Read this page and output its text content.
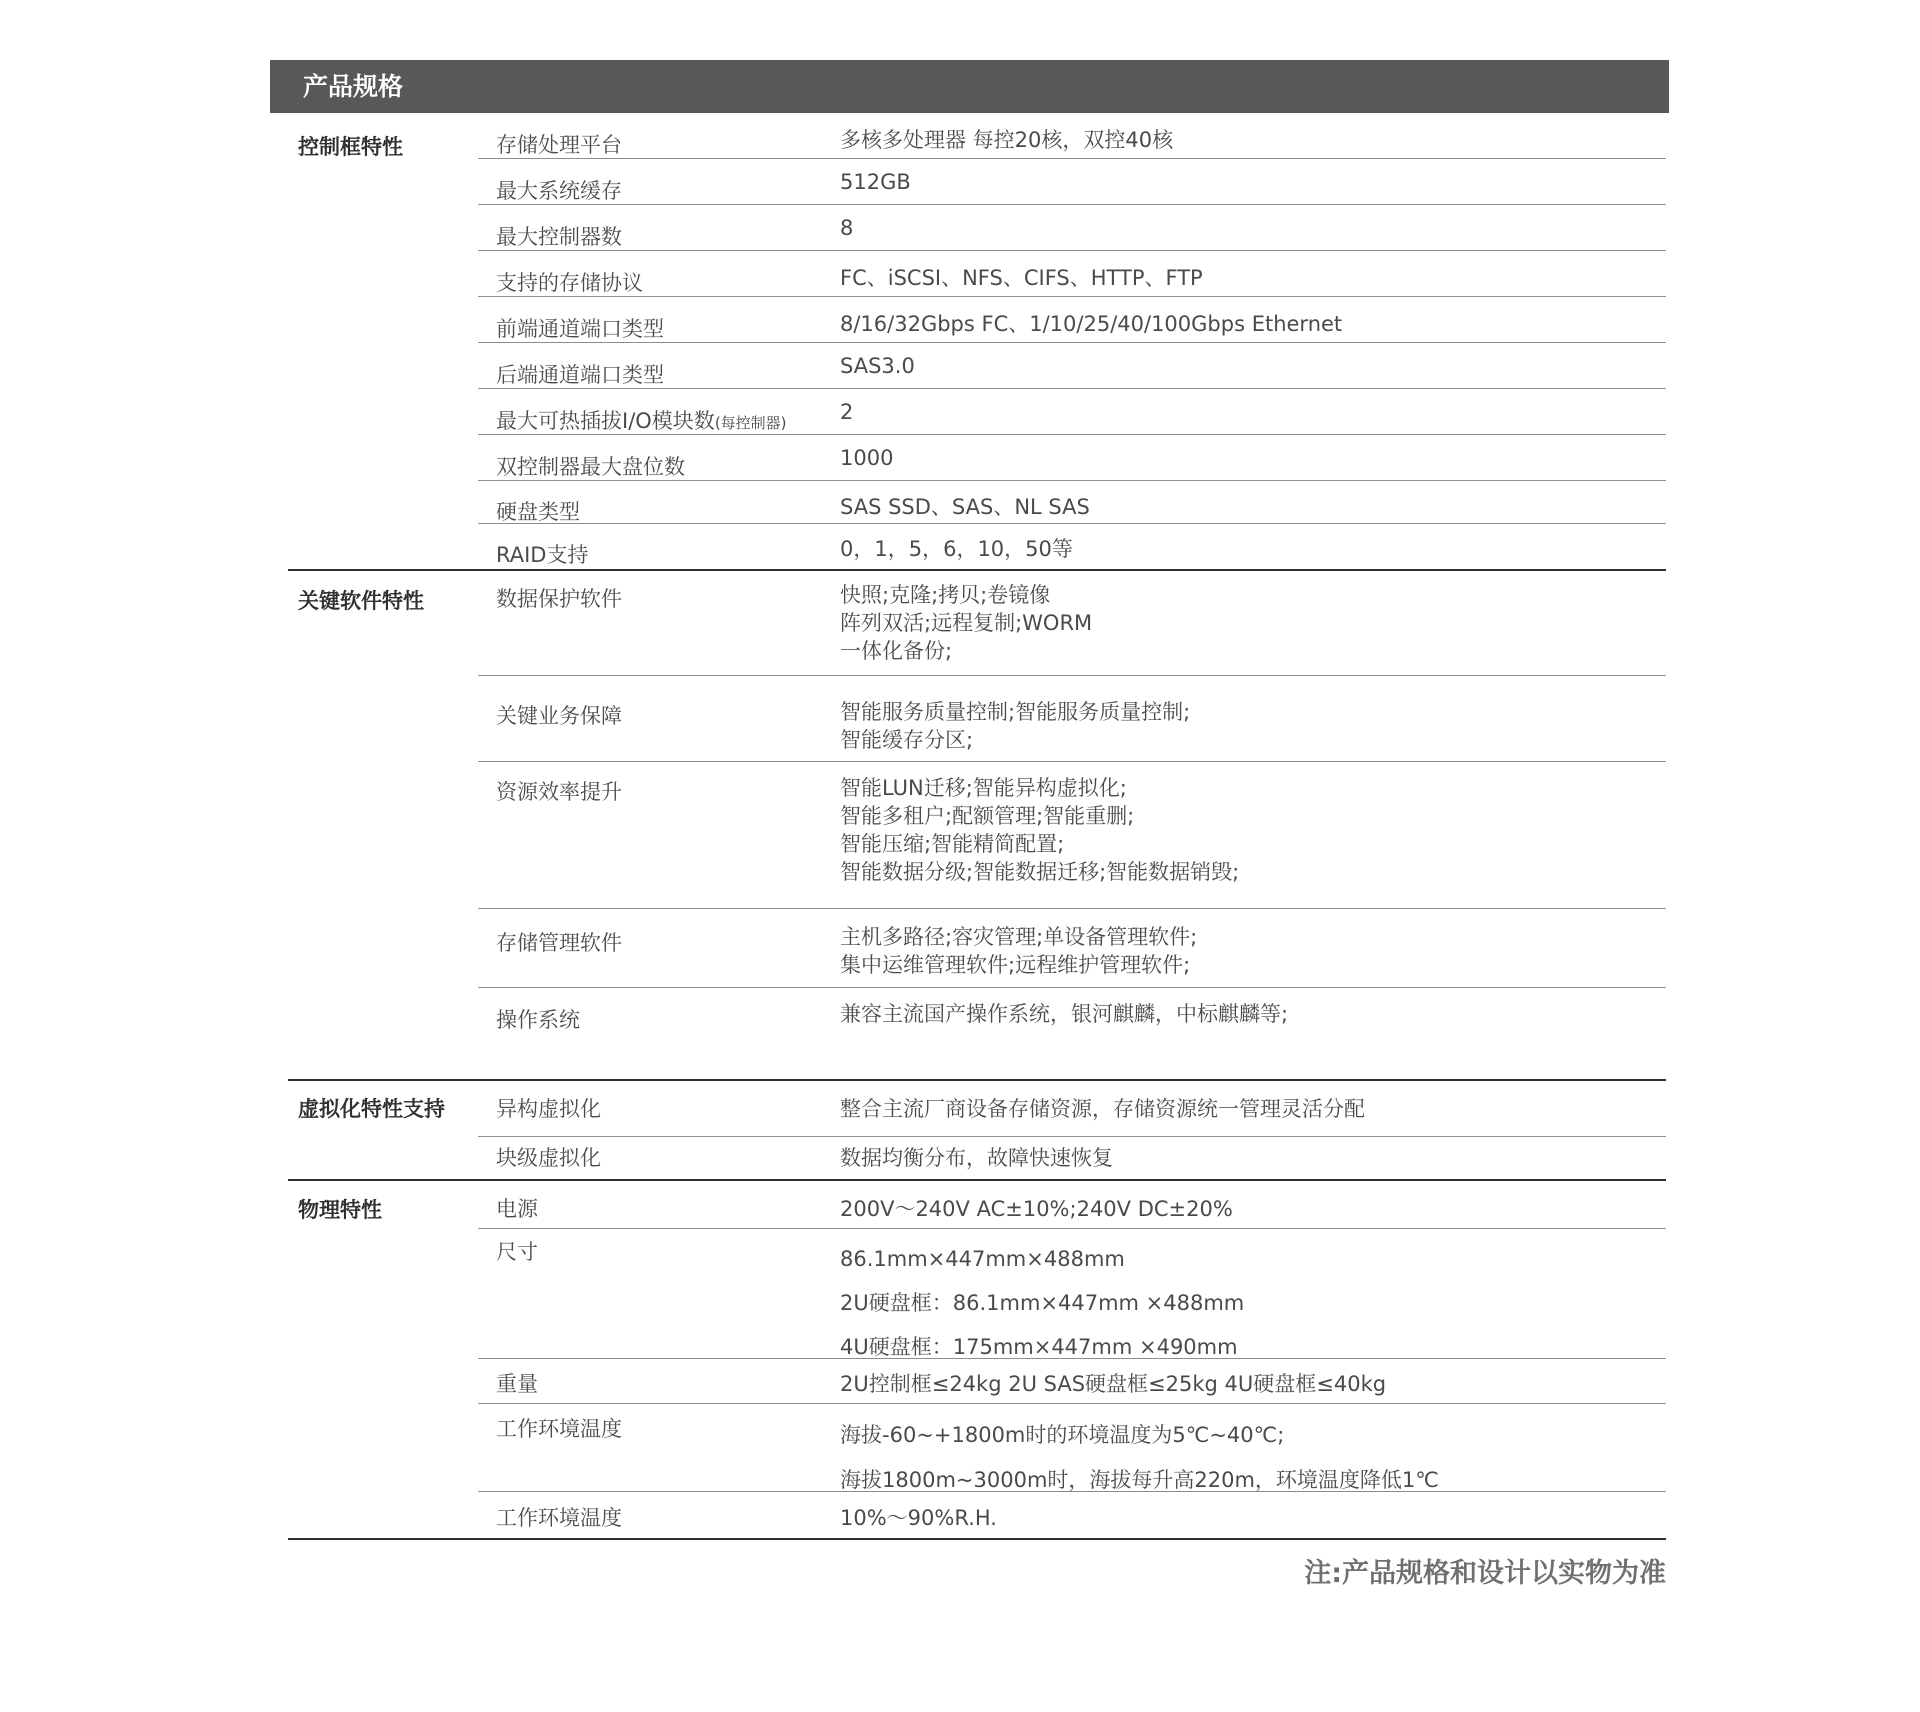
产品规格
控制框特性	存储处理平台	多核多处理器 每控20核，双控40核
最大系统缓存	512GB
最大控制器数	8
支持的存储协议	FC、iSCSI、NFS、CIFS、HTTP、FTP
前端通道端口类型	8/16/32Gbps FC、1/10/25/40/100Gbps Ethernet
后端通道端口类型	SAS3.0
最大可热插拔I/O模块数(每控制器)	2
双控制器最大盘位数	1000
硬盘类型	SAS SSD、SAS、NL SAS
RAID支持	0，1，5，6，10，50等
关键软件特性	数据保护软件	快照;克隆;拷贝;卷镜像
阵列双活;远程复制;WORM
一体化备份;
关键业务保障	智能服务质量控制;智能服务质量控制;
智能缓存分区;
资源效率提升	智能LUN迁移;智能异构虚拟化;
智能多租户;配额管理;智能重删;
智能压缩;智能精简配置;
智能数据分级;智能数据迁移;智能数据销毁;
存储管理软件	主机多路径;容灾管理;单设备管理软件;
集中运维管理软件;远程维护管理软件;
操作系统	兼容主流国产操作系统，银河麒麟，中标麒麟等;
虚拟化特性支持 异构虚拟化	整合主流厂商设备存储资源，存储资源统一管理灵活分配
块级虚拟化	数据均衡分布，故障快速恢复
物理特性	电源	200V～240V AC±10%;240V DC±20%
尺寸	86.1mm×447mm×488mm
2U硬盘框：86.1mm×447mm ×488mm
4U硬盘框：175mm×447mm ×490mm
重量	2U控制框≤24kg 2U SAS硬盘框≤25kg 4U硬盘框≤40kg
工作环境温度	海拔-60~+1800m时的环境温度为5℃~40℃;
海拔1800m~3000m时，海拔每升高220m，环境温度降低1℃
工作环境温度	10%～90%R.H.
注:产品规格和设计以实物为准
